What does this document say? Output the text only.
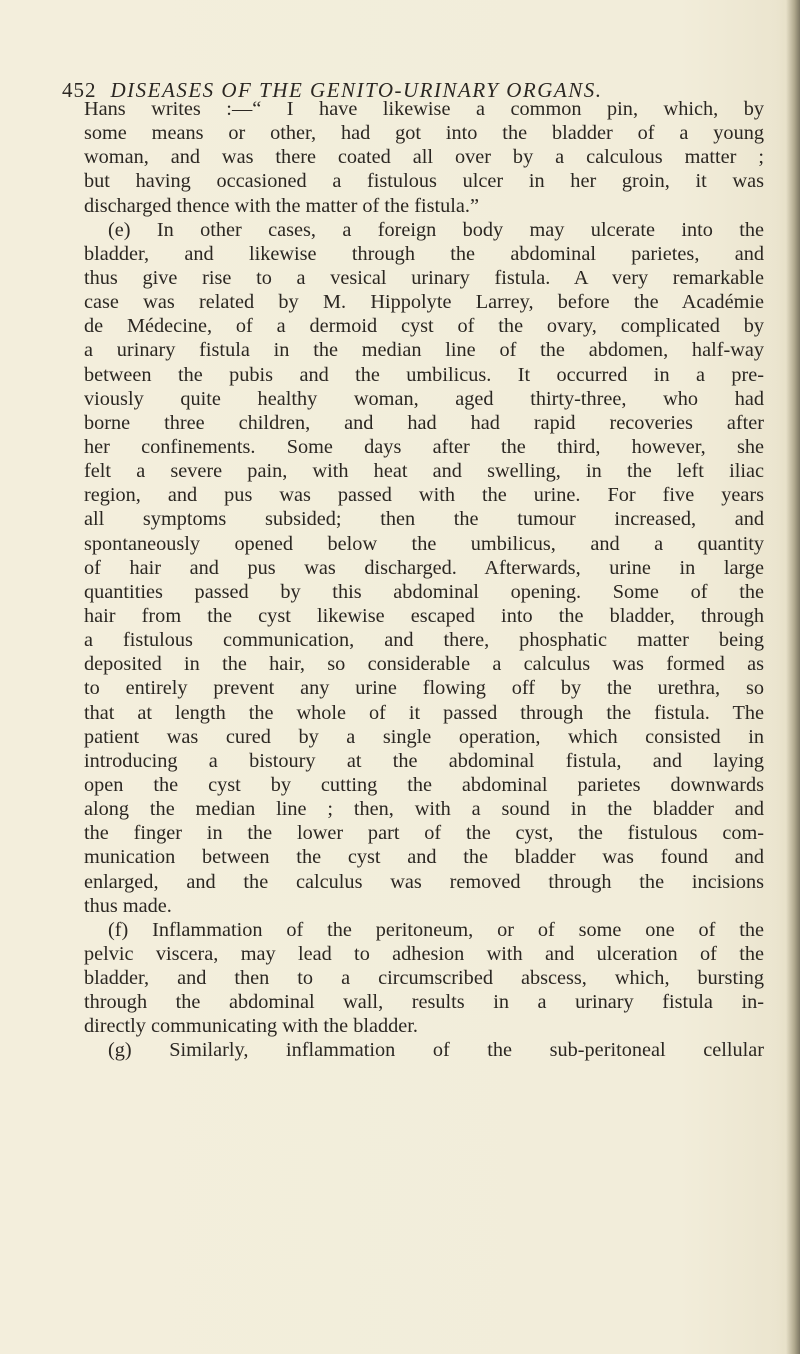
452 DISEASES OF THE GENITO-URINARY ORGANS.
Hans writes :—“ I have likewise a common pin, which, by
some means or other, had got into the bladder of a young
woman, and was there coated all over by a calculous matter ;
but having occasioned a fistulous ulcer in her groin, it was
discharged thence with the matter of the fistula.”
(e) In other cases, a foreign body may ulcerate into the
bladder, and likewise through the abdominal parietes, and
thus give rise to a vesical urinary fistula. A very remarkable
case was related by M. Hippolyte Larrey, before the Académie
de Médecine, of a dermoid cyst of the ovary, complicated by
a urinary fistula in the median line of the abdomen, half-way
between the pubis and the umbilicus. It occurred in a pre-
viously quite healthy woman, aged thirty-three, who had
borne three children, and had had rapid recoveries after
her confinements. Some days after the third, however, she
felt a severe pain, with heat and swelling, in the left iliac
region, and pus was passed with the urine. For five years
all symptoms subsided; then the tumour increased, and
spontaneously opened below the umbilicus, and a quantity
of hair and pus was discharged. Afterwards, urine in large
quantities passed by this abdominal opening. Some of the
hair from the cyst likewise escaped into the bladder, through
a fistulous communication, and there, phosphatic matter being
deposited in the hair, so considerable a calculus was formed as
to entirely prevent any urine flowing off by the urethra, so
that at length the whole of it passed through the fistula. The
patient was cured by a single operation, which consisted in
introducing a bistoury at the abdominal fistula, and laying
open the cyst by cutting the abdominal parietes downwards
along the median line ; then, with a sound in the bladder and
the finger in the lower part of the cyst, the fistulous com-
munication between the cyst and the bladder was found and
enlarged, and the calculus was removed through the incisions
thus made.
(f) Inflammation of the peritoneum, or of some one of the
pelvic viscera, may lead to adhesion with and ulceration of the
bladder, and then to a circumscribed abscess, which, bursting
through the abdominal wall, results in a urinary fistula in-
directly communicating with the bladder.
(g) Similarly, inflammation of the sub-peritoneal cellular
